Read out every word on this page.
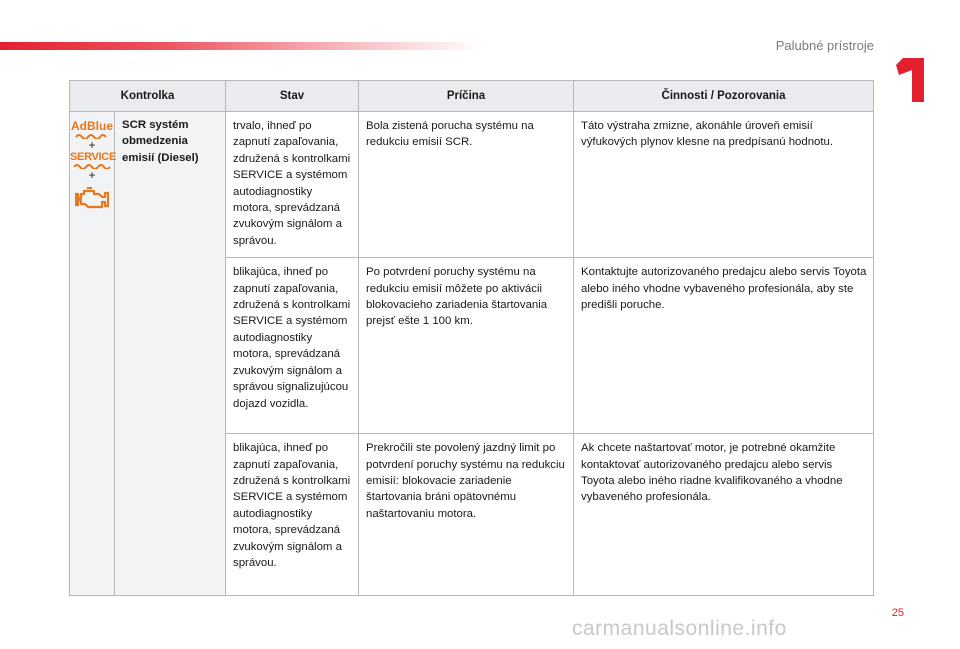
Palubné prístroje
Kontrolka		Stav	Príčina	Činnosti / Pozorovania

AdBlue
+
SERVICE
+	SCR systém obmedzenia emisií (Diesel)	trvalo, ihneď po zapnutí zapaľovania, združená s kontrolkami SERVICE a systémom autodiagnostiky motora, sprevádzaná zvukovým signálom a správou.	Bola zistená porucha systému na redukciu emisií SCR.	Táto výstraha zmizne, akonáhle úroveň emisií výfukových plynov klesne na predpísanú hodnotu.
		blikajúca, ihneď po zapnutí zapaľovania, združená s kontrolkami SERVICE a systémom autodiagnostiky motora, sprevádzaná zvukovým signálom a správou signalizujúcou dojazd vozidla.	Po potvrdení poruchy systému na redukciu emisií môžete po aktivácii blokovacieho zariadenia štartovania prejsť ešte 1 100 km.	Kontaktujte autorizovaného predajcu alebo servis Toyota alebo iného vhodne vybaveného profesionála, aby ste predišli poruche.
		blikajúca, ihneď po zapnutí zapaľovania, združená s kontrolkami SERVICE a systémom autodiagnostiky motora, sprevádzaná zvukovým signálom a správou.	Prekročili ste povolený jazdný limit po potvrdení poruchy systému na redukciu emisií: blokovacie zariadenie štartovania bráni opätovnému naštartovaniu motora.	Ak chcete naštartovať motor, je potrebné okamžite kontaktovať autorizovaného predajcu alebo servis Toyota alebo iného riadne kvalifikovaného a vhodne vybaveného profesionála.
25
carmanualsonline.info
